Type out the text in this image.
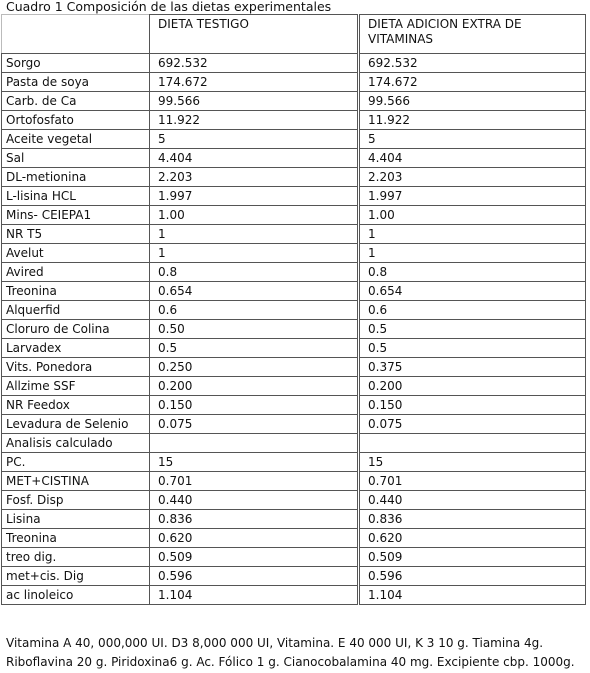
Cuadro 1 Composición de las dietas experimentales
	DIETA TESTIGO	DIETA ADICION EXTRA DE VITAMINAS
Sorgo	692.532	692.532
Pasta de soya	174.672	174.672
Carb. de Ca	99.566	99.566
Ortofosfato	11.922	11.922
Aceite vegetal	5	5
Sal	4.404	4.404
DL-metionina	2.203	2.203
L-lisina HCL	1.997	1.997
Mins- CEIEPA1	1.00	1.00
NR T5	1	1
Avelut	1	1
Avired	0.8	0.8
Treonina	0.654	0.654
Alquerfid	0.6	0.6
Cloruro de Colina	0.50	0.5
Larvadex	0.5	0.5
Vits. Ponedora	0.250	0.375
Allzime SSF	0.200	0.200
NR Feedox	0.150	0.150
Levadura de Selenio	0.075	0.075
Analisis calculado		
PC.	15	15
MET+CISTINA	0.701	0.701
Fosf. Disp	0.440	0.440
Lisina	0.836	0.836
Treonina	0.620	0.620
treo dig.	0.509	0.509
met+cis. Dig	0.596	0.596
ac linoleico	1.104	1.104
Vitamina A 40, 000,000 UI. D3 8,000 000 UI, Vitamina. E 40 000 UI, K 3 10 g. Tiamina 4g. Riboflavina 20 g. Piridoxina6 g. Ac. Fólico 1 g. Cianocobalamina 40 mg. Excipiente cbp. 1000g.
